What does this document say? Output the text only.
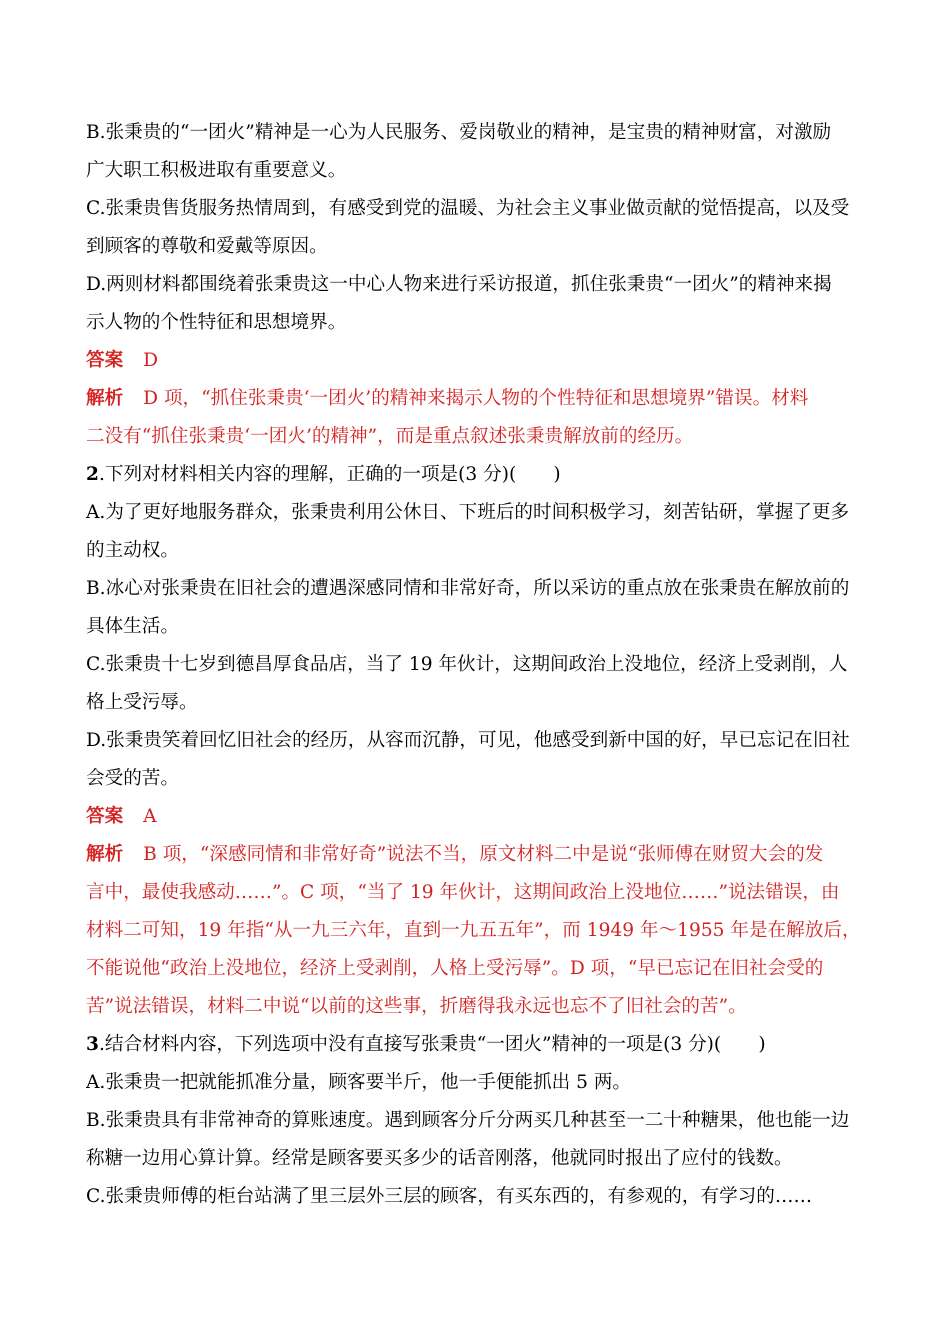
B.张秉贵的“一团火”精神是一心为人民服务、爱岗敬业的精神，是宝贵的精神财富，对激励
广大职工积极进取有重要意义。
C.张秉贵售货服务热情周到，有感受到党的温暖、为社会主义事业做贡献的觉悟提高，以及受
到顾客的尊敬和爱戴等原因。
D.两则材料都围绕着张秉贵这一中心人物来进行采访报道，抓住张秉贵“一团火”的精神来揭
示人物的个性特征和思想境界。
答案 D
解析 D 项，“抓住张秉贵‘一团火’的精神来揭示人物的个性特征和思想境界”错误。材料
二没有“抓住张秉贵‘一团火’的精神”，而是重点叙述张秉贵解放前的经历。
2.下列对材料相关内容的理解，正确的一项是(3 分)(　　)
A.为了更好地服务群众，张秉贵利用公休日、下班后的时间积极学习，刻苦钻研，掌握了更多
的主动权。
B.冰心对张秉贵在旧社会的遭遇深感同情和非常好奇，所以采访的重点放在张秉贵在解放前的
具体生活。
C.张秉贵十七岁到德昌厚食品店，当了 19 年伙计，这期间政治上没地位，经济上受剥削，人
格上受污辱。
D.张秉贵笑着回忆旧社会的经历，从容而沉静，可见，他感受到新中国的好，早已忘记在旧社
会受的苦。
答案 A
解析 B 项，“深感同情和非常好奇”说法不当，原文材料二中是说“张师傅在财贸大会的发
言中，最使我感动……”。C 项，“当了 19 年伙计，这期间政治上没地位……”说法错误，由
材料二可知，19 年指“从一九三六年，直到一九五五年”，而 1949 年～1955 年是在解放后，
不能说他“政治上没地位，经济上受剥削，人格上受污辱”。D 项，“早已忘记在旧社会受的
苦”说法错误，材料二中说“以前的这些事，折磨得我永远也忘不了旧社会的苦”。
3.结合材料内容，下列选项中没有直接写张秉贵“一团火”精神的一项是(3 分)(　　)
A.张秉贵一把就能抓准分量，顾客要半斤，他一手便能抓出 5 两。
B.张秉贵具有非常神奇的算账速度。遇到顾客分斤分两买几种甚至一二十种糖果，他也能一边
称糖一边用心算计算。经常是顾客要买多少的话音刚落，他就同时报出了应付的钱数。
C.张秉贵师傅的柜台站满了里三层外三层的顾客，有买东西的，有参观的，有学习的……
